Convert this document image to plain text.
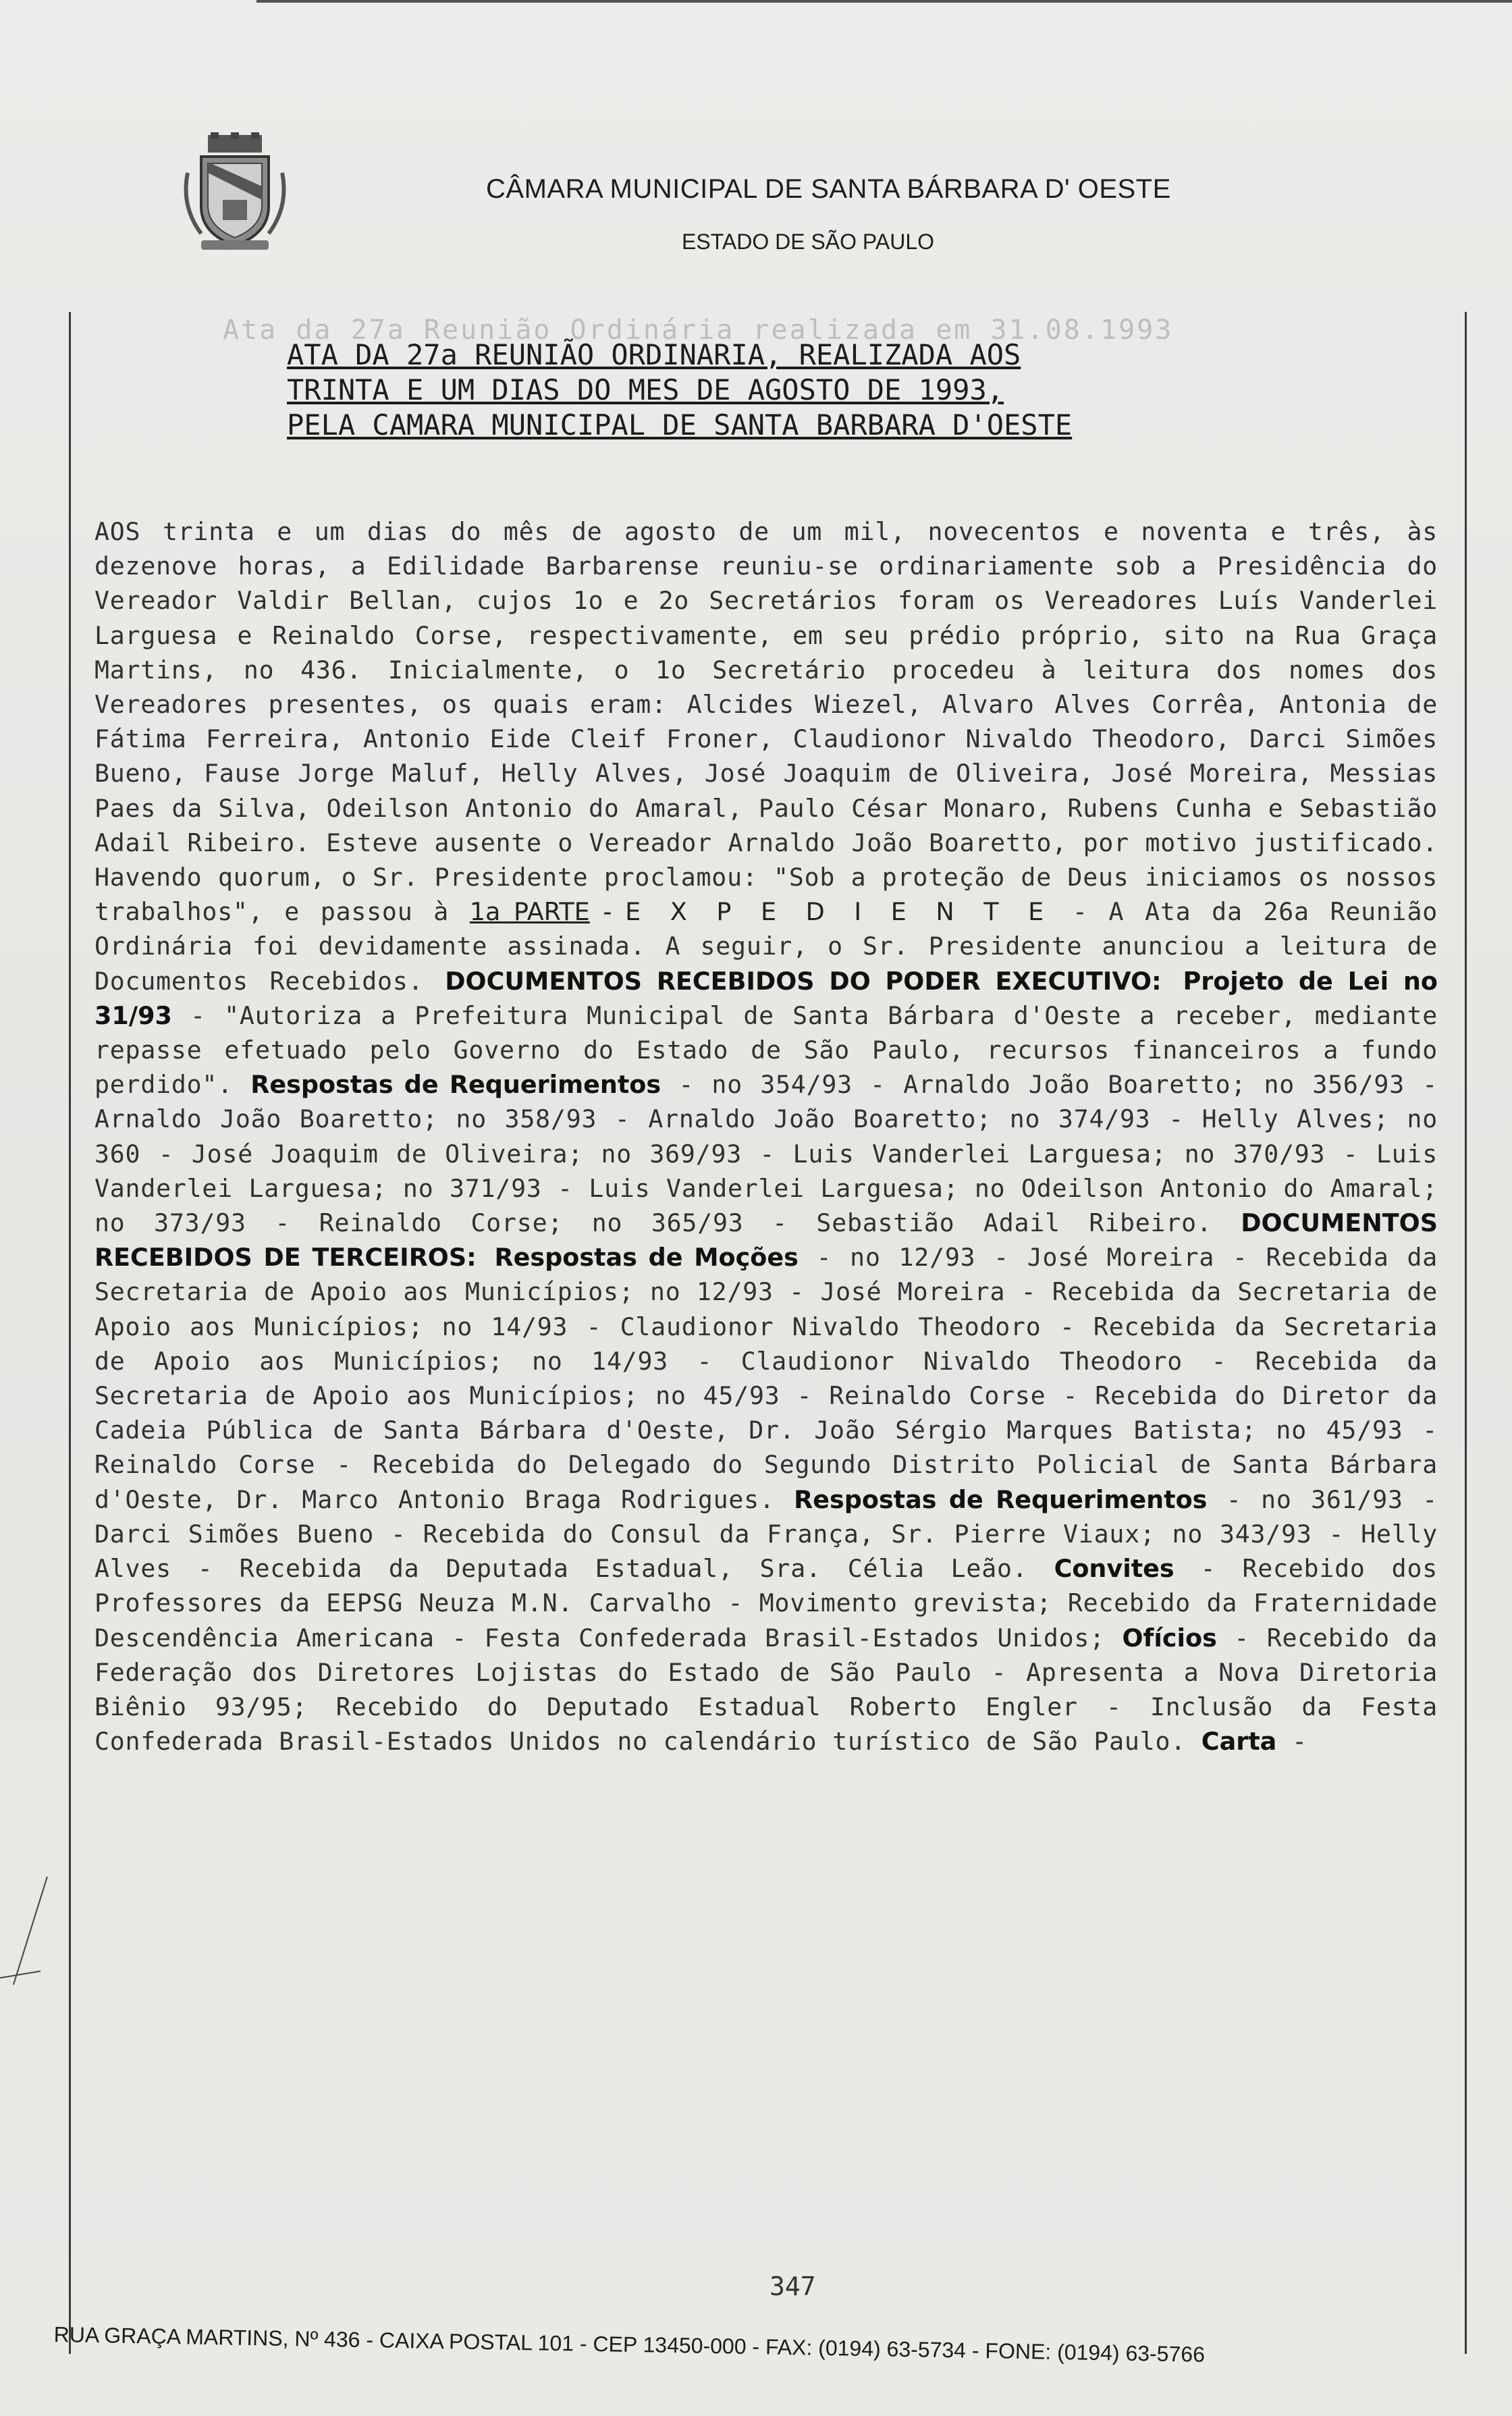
CÂMARA MUNICIPAL DE SANTA BÁRBARA D' OESTE
ESTADO DE SÃO PAULO
Ata da 27a Reunião Ordinária realizada em 31.08.1993
ATA DA 27a REUNIÃO ORDINARIA, REALIZADA AOS
TRINTA E UM DIAS DO MES DE AGOSTO DE 1993,
PELA CAMARA MUNICIPAL DE SANTA BARBARA D'OESTE
AOS trinta e um dias do mês de agosto de um mil, novecentos e noventa e três, às dezenove horas, a Edilidade Barbarense reuniu-se ordinariamente sob a Presidência do Vereador Valdir Bellan, cujos 1o e 2o Secretários foram os Vereadores Luís Vanderlei Larguesa e Reinaldo Corse, respectivamente, em seu prédio próprio, sito na Rua Graça Martins, no 436. Inicialmente, o 1o Secretário procedeu à leitura dos nomes dos Vereadores presentes, os quais eram: Alcides Wiezel, Alvaro Alves Corrêa, Antonia de Fátima Ferreira, Antonio Eide Cleif Froner, Claudionor Nivaldo Theodoro, Darci Simões Bueno, Fause Jorge Maluf, Helly Alves, José Joaquim de Oliveira, José Moreira, Messias Paes da Silva, Odeilson Antonio do Amaral, Paulo César Monaro, Rubens Cunha e Sebastião Adail Ribeiro. Esteve ausente o Vereador Arnaldo João Boaretto, por motivo justificado. Havendo quorum, o Sr. Presidente proclamou: "Sob a proteção de Deus iniciamos os nossos trabalhos", e passou à 1a PARTE - E X P E D I E N T E - A Ata da 26a Reunião Ordinária foi devidamente assinada. A seguir, o Sr. Presidente anunciou a leitura de Documentos Recebidos. DOCUMENTOS RECEBIDOS DO PODER EXECUTIVO: Projeto de Lei no 31/93 - "Autoriza a Prefeitura Municipal de Santa Bárbara d'Oeste a receber, mediante repasse efetuado pelo Governo do Estado de São Paulo, recursos financeiros a fundo perdido". Respostas de Requerimentos - no 354/93 - Arnaldo João Boaretto; no 356/93 - Arnaldo João Boaretto; no 358/93 - Arnaldo João Boaretto; no 374/93 - Helly Alves; no 360 - José Joaquim de Oliveira; no 369/93 - Luis Vanderlei Larguesa; no 370/93 - Luis Vanderlei Larguesa; no 371/93 - Luis Vanderlei Larguesa; no Odeilson Antonio do Amaral; no 373/93 - Reinaldo Corse; no 365/93 - Sebastião Adail Ribeiro. DOCUMENTOS RECEBIDOS DE TERCEIROS: Respostas de Moções - no 12/93 - José Moreira - Recebida da Secretaria de Apoio aos Municípios; no 12/93 - José Moreira - Recebida da Secretaria de Apoio aos Municípios; no 14/93 - Claudionor Nivaldo Theodoro - Recebida da Secretaria de Apoio aos Municípios; no 14/93 - Claudionor Nivaldo Theodoro - Recebida da Secretaria de Apoio aos Municípios; no 45/93 - Reinaldo Corse - Recebida do Diretor da Cadeia Pública de Santa Bárbara d'Oeste, Dr. João Sérgio Marques Batista; no 45/93 - Reinaldo Corse - Recebida do Delegado do Segundo Distrito Policial de Santa Bárbara d'Oeste, Dr. Marco Antonio Braga Rodrigues. Respostas de Requerimentos - no 361/93 - Darci Simões Bueno - Recebida do Consul da França, Sr. Pierre Viaux; no 343/93 - Helly Alves - Recebida da Deputada Estadual, Sra. Célia Leão. Convites - Recebido dos Professores da EEPSG Neuza M.N. Carvalho - Movimento grevista; Recebido da Fraternidade Descendência Americana - Festa Confederada Brasil-Estados Unidos; Ofícios - Recebido da Federação dos Diretores Lojistas do Estado de São Paulo - Apresenta a Nova Diretoria Biênio 93/95; Recebido do Deputado Estadual Roberto Engler - Inclusão da Festa Confederada Brasil-Estados Unidos no calendário turístico de São Paulo. Carta -
347
RUA GRAÇA MARTINS, Nº 436 - CAIXA POSTAL 101 - CEP 13450-000 - FAX: (0194) 63-5734 - FONE: (0194) 63-5766
